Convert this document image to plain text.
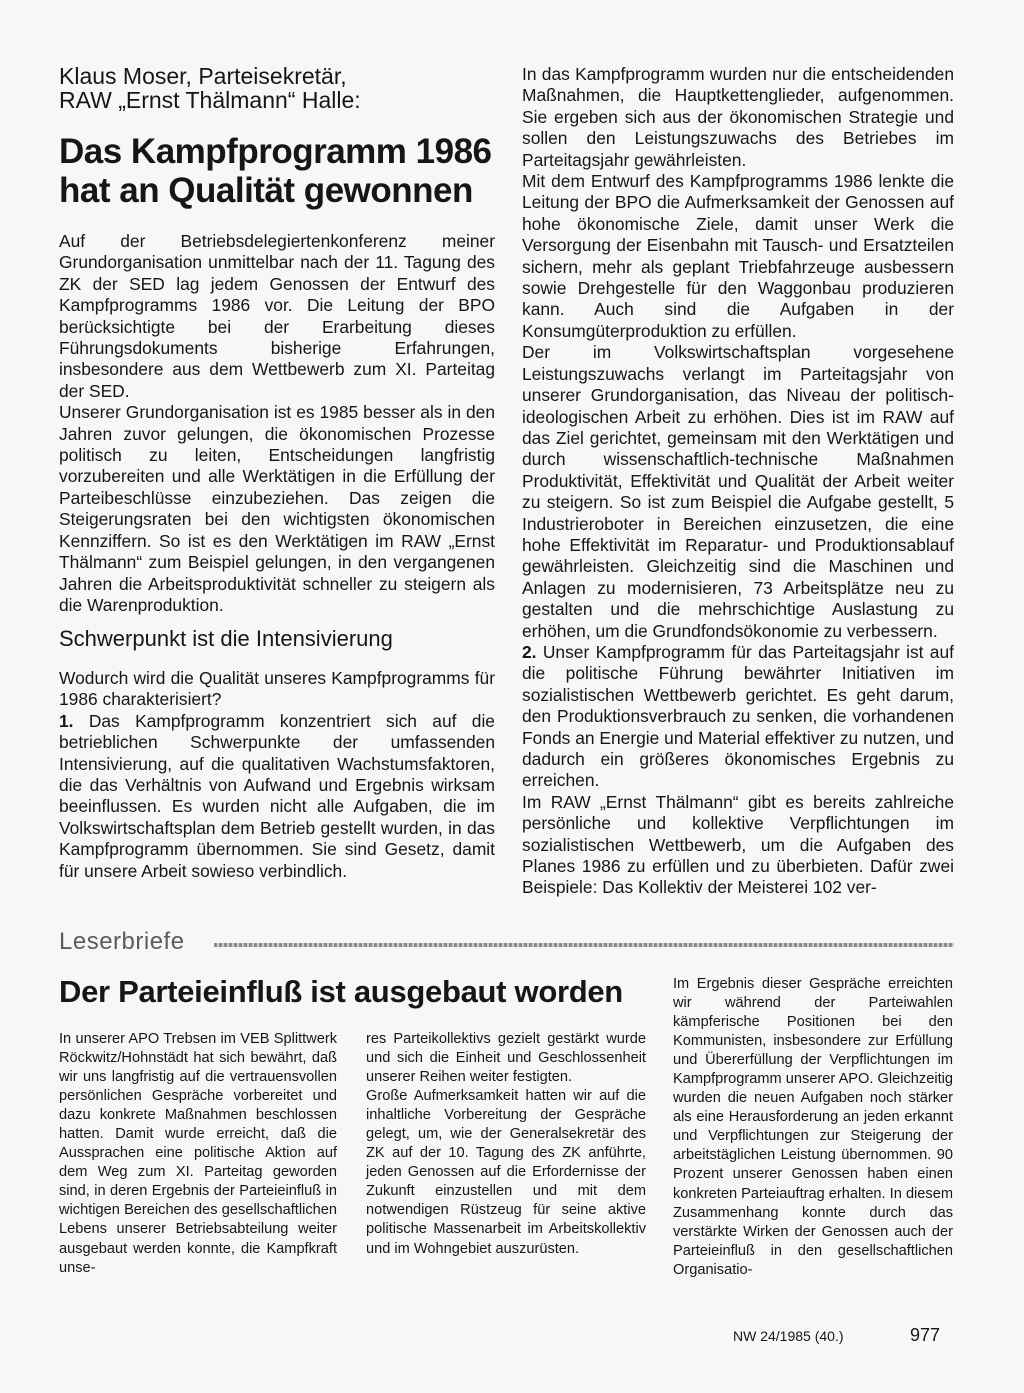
Klaus Moser, Parteisekretär,
RAW „Ernst Thälmann“ Halle:
Das Kampfprogramm 1986
hat an Qualität gewonnen

Auf der Betriebsdelegiertenkonferenz meiner Grundorganisation unmittelbar nach der 11. Tagung des ZK der SED lag jedem Genossen der Entwurf des Kampfprogramms 1986 vor. Die Leitung der BPO berücksichtigte bei der Erarbeitung dieses Führungsdokuments bisherige Erfahrungen, insbesondere aus dem Wettbewerb zum XI. Parteitag der SED.

Unserer Grundorganisation ist es 1985 besser als in den Jahren zuvor gelungen, die ökonomischen Prozesse politisch zu leiten, Entscheidungen langfristig vorzubereiten und alle Werktätigen in die Erfüllung der Parteibeschlüsse einzubeziehen. Das zeigen die Steigerungsraten bei den wichtigsten ökonomischen Kennziffern. So ist es den Werktätigen im RAW „Ernst Thälmann“ zum Beispiel gelungen, in den vergangenen Jahren die Arbeitsproduktivität schneller zu steigern als die Warenproduktion.

Schwerpunkt ist die Intensivierung

Wodurch wird die Qualität unseres Kampfprogramms für 1986 charakterisiert?

1. Das Kampfprogramm konzentriert sich auf die betrieblichen Schwerpunkte der umfassenden Intensivierung, auf die qualitativen Wachstumsfaktoren, die das Verhältnis von Aufwand und Ergebnis wirksam beeinflussen. Es wurden nicht alle Aufgaben, die im Volkswirtschaftsplan dem Betrieb gestellt wurden, in das Kampfprogramm übernommen. Sie sind Gesetz, damit für unsere Arbeit sowieso verbindlich.

In das Kampfprogramm wurden nur die entscheidenden Maßnahmen, die Hauptkettenglieder, aufgenommen. Sie ergeben sich aus der ökonomischen Strategie und sollen den Leistungszuwachs des Betriebes im Parteitagsjahr gewährleisten.

Mit dem Entwurf des Kampfprogramms 1986 lenkte die Leitung der BPO die Aufmerksamkeit der Genossen auf hohe ökonomische Ziele, damit unser Werk die Versorgung der Eisenbahn mit Tausch- und Ersatzteilen sichern, mehr als geplant Triebfahrzeuge ausbessern sowie Drehgestelle für den Waggonbau produzieren kann. Auch sind die Aufgaben in der Konsumgüterproduktion zu erfüllen.

Der im Volkswirtschaftsplan vorgesehene Leistungszuwachs verlangt im Parteitagsjahr von unserer Grundorganisation, das Niveau der politisch-ideologischen Arbeit zu erhöhen. Dies ist im RAW auf das Ziel gerichtet, gemeinsam mit den Werktätigen und durch wissenschaftlich-technische Maßnahmen Produktivität, Effektivität und Qualität der Arbeit weiter zu steigern. So ist zum Beispiel die Aufgabe gestellt, 5 Industrieroboter in Bereichen einzusetzen, die eine hohe Effektivität im Reparatur- und Produktionsablauf gewährleisten. Gleichzeitig sind die Maschinen und Anlagen zu modernisieren, 73 Arbeitsplätze neu zu gestalten und die mehrschichtige Auslastung zu erhöhen, um die Grundfondsökonomie zu verbessern.

2. Unser Kampfprogramm für das Parteitagsjahr ist auf die politische Führung bewährter Initiativen im sozialistischen Wettbewerb gerichtet. Es geht darum, den Produktionsverbrauch zu senken, die vorhandenen Fonds an Energie und Material effektiver zu nutzen, und dadurch ein größeres ökonomisches Ergebnis zu erreichen.

Im RAW „Ernst Thälmann“ gibt es bereits zahlreiche persönliche und kollektive Verpflichtungen im sozialistischen Wettbewerb, um die Aufgaben des Planes 1986 zu erfüllen und zu überbieten. Dafür zwei Beispiele: Das Kollektiv der Meisterei 102 ver-

Leserbriefe
Der Parteieinfluß ist ausgebaut worden

In unserer APO Trebsen im VEB Splittwerk Röckwitz/Hohnstädt hat sich bewährt, daß wir uns langfristig auf die vertrauensvollen persönlichen Gespräche vorbereitet und dazu konkrete Maßnahmen beschlossen hatten. Damit wurde erreicht, daß die Aussprachen eine politische Aktion auf dem Weg zum XI. Parteitag geworden sind, in deren Ergebnis der Parteieinfluß in wichtigen Bereichen des gesellschaftlichen Lebens unserer Betriebsabteilung weiter ausgebaut werden konnte, die Kampfkraft unse-

res Parteikollektivs gezielt gestärkt wurde und sich die Einheit und Geschlossenheit unserer Reihen weiter festigten.

Große Aufmerksamkeit hatten wir auf die inhaltliche Vorbereitung der Gespräche gelegt, um, wie der Generalsekretär des ZK auf der 10. Tagung des ZK anführte, jeden Genossen auf die Erfordernisse der Zukunft einzustellen und mit dem notwendigen Rüstzeug für seine aktive politische Massenarbeit im Arbeitskollektiv und im Wohngebiet auszurüsten.

Im Ergebnis dieser Gespräche erreichten wir während der Parteiwahlen kämpferische Positionen bei den Kommunisten, insbesondere zur Erfüllung und Übererfüllung der Verpflichtungen im Kampfprogramm unserer APO. Gleichzeitig wurden die neuen Aufgaben noch stärker als eine Herausforderung an jeden erkannt und Verpflichtungen zur Steigerung der arbeitstäglichen Leistung übernommen. 90 Prozent unserer Genossen haben einen konkreten Parteiauftrag erhalten. In diesem Zusammenhang konnte durch das verstärkte Wirken der Genossen auch der Parteieinfluß in den gesellschaftlichen Organisatio-

NW 24/1985 (40.)	977
